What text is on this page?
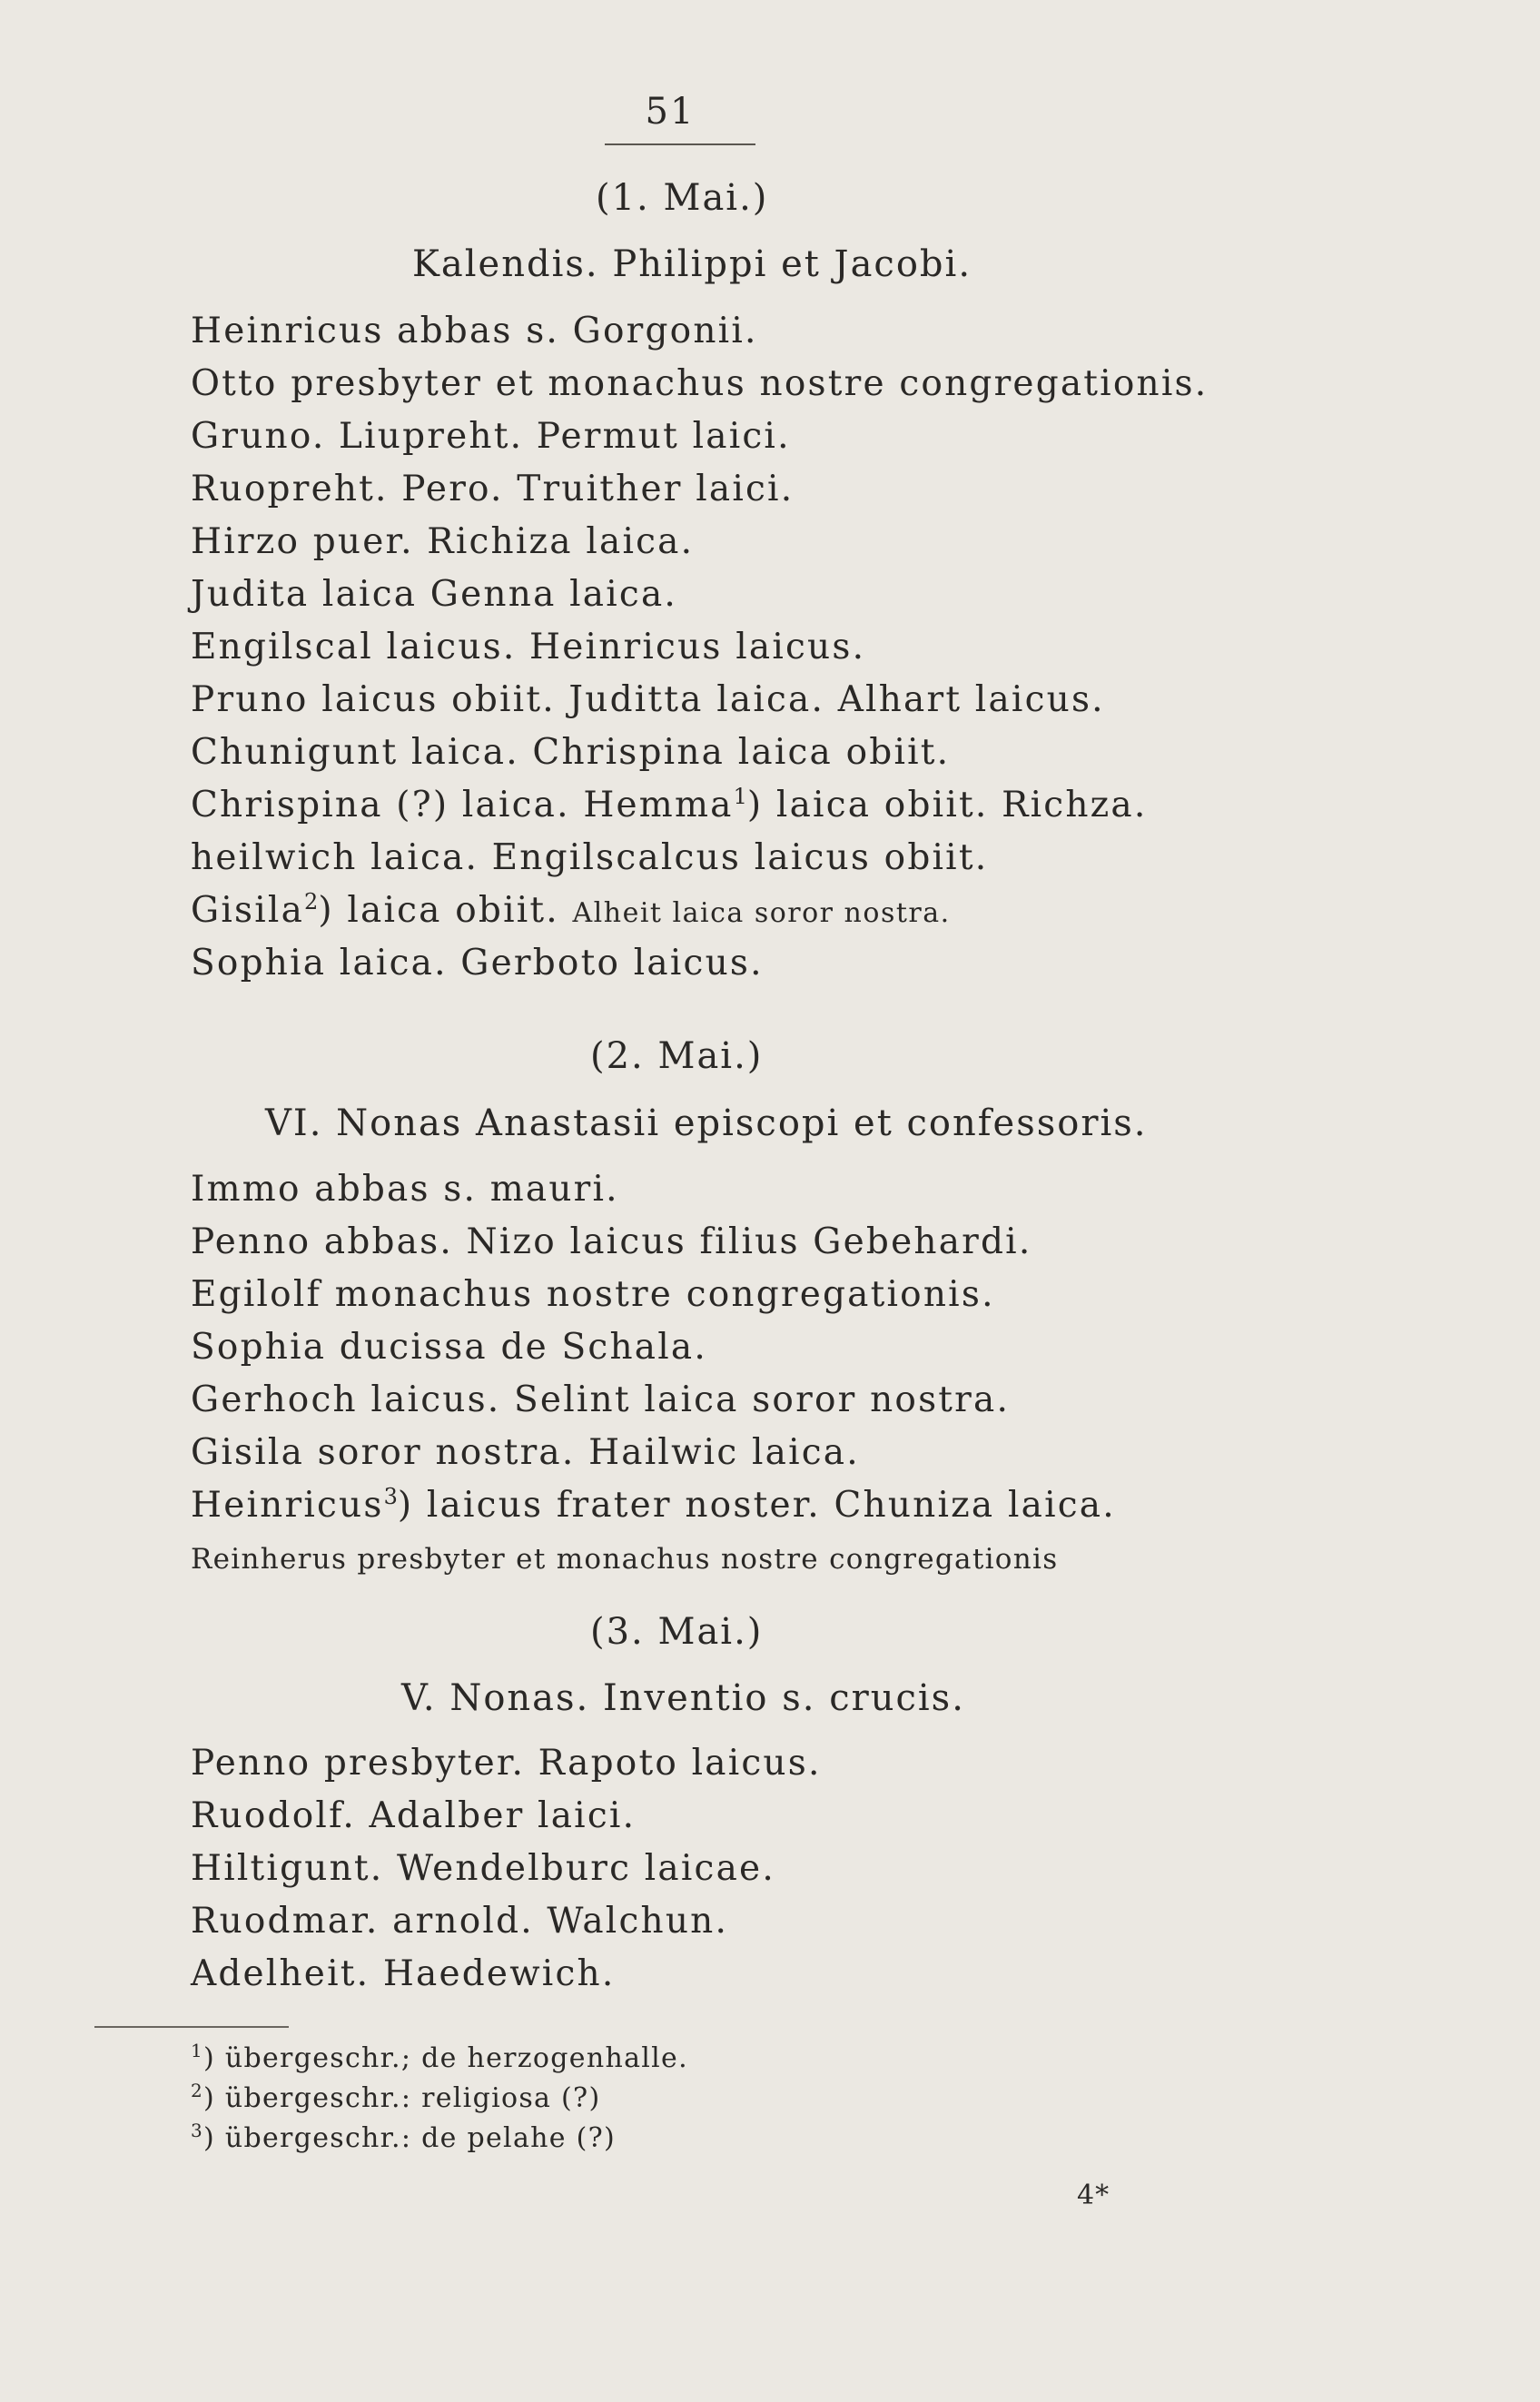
51
(1. Mai.)
Kalendis. Philippi et Jacobi.
Heinricus abbas s. Gorgonii.
Otto presbyter et monachus nostre congregationis.
Gruno. Liupreht. Permut laici.
Ruopreht. Pero. Truither laici.
Hirzo puer. Richiza laica.
Judita laica Genna laica.
Engilscal laicus. Heinricus laicus.
Pruno laicus obiit. Juditta laica. Alhart laicus.
Chunigunt laica. Chrispina laica obiit.
Chrispina (?) laica. Hemma$^1$) laica obiit. Richza.
heilwich laica. Engilscalcus laicus obiit.
Gisila$^2$) laica obiit. Alheit laica soror nostra.
Sophia laica. Gerboto laicus.
(2. Mai.)
VI. Nonas Anastasii episcopi et confessoris.
Immo abbas s. mauri.
Penno abbas. Nizo laicus filius Gebehardi.
Egilolf monachus nostre congregationis.
Sophia ducissa de Schala.
Gerhoch laicus. Selint laica soror nostra.
Gisila soror nostra. Hailwic laica.
Heinricus$^3$) laicus frater noster. Chuniza laica.
Reinherus presbyter et monachus nostre congregationis
(3. Mai.)
V. Nonas. Inventio s. crucis.
Penno presbyter. Rapoto laicus.
Ruodolf. Adalber laici.
Hiltigunt. Wendelburc laicae.
Ruodmar. arnold. Walchun.
Adelheit. Haedewich.
$^1$) übergeschr.; de herzogenhalle.
$^2$) übergeschr.: religiosa (?)
$^3$) übergeschr.: de pelahe (?)
4*
